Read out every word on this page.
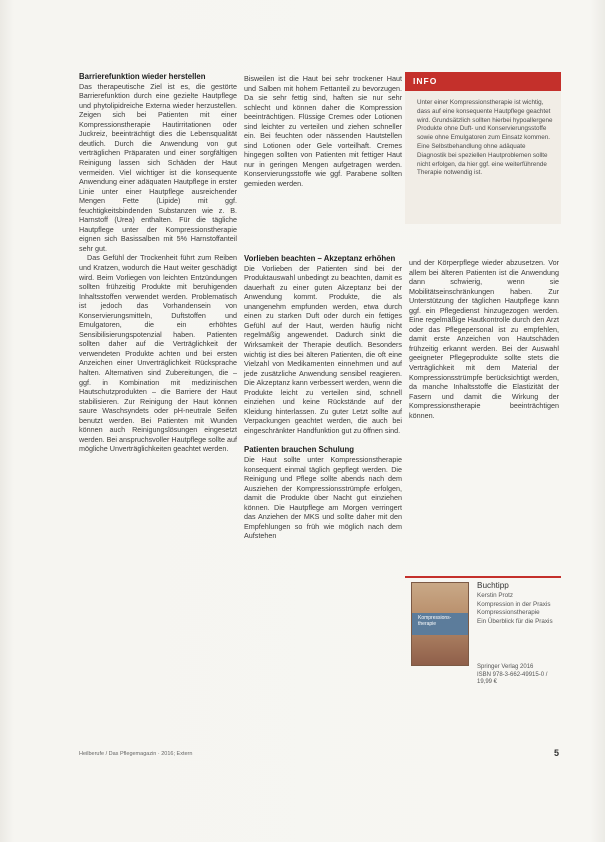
Barrierefunktion wieder herstellen

Das therapeutische Ziel ist es, die gestörte Barrierefunktion durch eine gezielte Hautpflege und phytolipidreiche Externa wieder herzustellen. Zeigen sich bei Patienten mit einer Kompressionstherapie Hautirritationen oder Juckreiz, beeinträchtigt dies die Lebensqualität deutlich. Durch die Anwendung von gut verträglichen Präparaten und einer sorgfältigen Reinigung lassen sich Schäden der Haut vermeiden. Viel wichtiger ist die konsequente Anwendung einer adäquaten Hautpflege in erster Linie unter einer Hautpflege ausreichender Mengen Fette (Lipide) mit ggf. feuchtigkeitsbindenden Substanzen wie z. B. Harnstoff (Urea) enthalten. Für die tägliche Hautpflege unter der Kompressionstherapie eignen sich Basissalben mit 5% Harnstoffanteil sehr gut.

Das Gefühl der Trockenheit führt zum Reiben und Kratzen, wodurch die Haut weiter geschädigt wird. Beim Vorliegen von leichten Entzündungen sollten frühzeitig Produkte mit beruhigenden Inhaltsstoffen verwendet werden. Problematisch ist jedoch das Vorhandensein von Konservierungsmitteln, Duftstoffen und Emulgatoren, die ein erhöhtes Sensibilisierungspotenzial haben. Patienten sollten daher auf die Verträglichkeit der verwendeten Produkte achten und bei ersten Anzeichen einer Unverträglichkeit Rücksprache halten. Alternativen sind Zubereitungen, die – ggf. in Kombination mit medizinischen Hautschutzprodukten – die Barriere der Haut stabilisieren. Zur Reinigung der Haut können saure Waschsyndets oder pH-neutrale Seifen benutzt werden. Bei Patienten mit Wunden können auch Reinigungslösungen eingesetzt werden. Bei anspruchsvoller Hautpflege sollte auf mögliche Unverträglichkeiten geachtet werden.

Bisweilen ist die Haut bei sehr trockener Haut und Salben mit hohem Fettanteil zu bevorzugen. Da sie sehr fettig sind, haften sie nur sehr schlecht und können daher die Kompression beeinträchtigen. Flüssige Cremes oder Lotionen sind leichter zu verteilen und ziehen schneller ein. Bei feuchten oder nässenden Hautstellen sind Lotionen oder Gele vorteilhaft. Cremes hingegen sollten von Patienten mit fettiger Haut nur in geringen Mengen aufgetragen werden. Konservierungsstoffe wie ggf. Parabene sollten gemieden werden.

Vorlieben beachten – Akzeptanz erhöhen

Die Vorlieben der Patienten sind bei der Produktauswahl unbedingt zu beachten, damit es dauerhaft zu einer guten Akzeptanz bei der Anwendung kommt. Produkte, die als unangenehm empfunden werden, etwa durch einen zu starken Duft oder durch ein fettiges Gefühl auf der Haut, werden häufig nicht regelmäßig angewendet. Dadurch sinkt die Wirksamkeit der Therapie deutlich. Besonders wichtig ist dies bei älteren Patienten, die oft eine Vielzahl von Medikamenten einnehmen und auf jede zusätzliche Anwendung sensibel reagieren. Die Akzeptanz kann verbessert werden, wenn die Produkte leicht zu verteilen sind, schnell einziehen und keine Rückstände auf der Kleidung hinterlassen. Zu guter Letzt sollte auf Verpackungen geachtet werden, die auch bei eingeschränkter Handfunktion gut zu öffnen sind.

Patienten brauchen Schulung

Die Haut sollte unter Kompressionstherapie konsequent einmal täglich gepflegt werden. Die Reinigung und Pflege sollte abends nach dem Ausziehen der Kompressionsstrümpfe erfolgen, damit die Produkte über Nacht gut einziehen können. Die Hautpflege am Morgen verringert das Anziehen der MKS und sollte daher mit den Empfehlungen so früh wie möglich nach dem Aufstehen

INFO
Unter einer Kompressionstherapie ist wichtig, dass auf eine konsequente Hautpflege geachtet wird. Grundsätzlich sollten hierbei hypoallergene Produkte ohne Duft- und Konservierungsstoffe sowie ohne Emulgatoren zum Einsatz kommen. Eine Selbstbehandlung ohne adäquate Diagnostik bei speziellen Hautproblemen sollte nicht erfolgen, da hier ggf. eine weiterführende Therapie notwendig ist.

und der Körperpflege wieder abzusetzen. Vor allem bei älteren Patienten ist die Anwendung dann schwierig, wenn sie Mobilitätseinschränkungen haben. Zur Unterstützung der täglichen Hautpflege kann ggf. ein Pflegedienst hinzugezogen werden. Eine regelmäßige Hautkontrolle durch den Arzt oder das Pflegepersonal ist zu empfehlen, damit erste Anzeichen von Hautschäden frühzeitig erkannt werden. Bei der Auswahl geeigneter Pflegeprodukte sollte stets die Verträglichkeit mit dem Material der Kompressionsstrümpfe berücksichtigt werden, da manche Inhaltsstoffe die Elastizität der Fasern und damit die Wirkung der Kompressionstherapie beeinträchtigen können.

Kompressions-therapie
Buchtipp
Kerstin Protz
Kompression in der Praxis
Kompressionstherapie
Ein Überblick für die Praxis
Springer Verlag 2016
ISBN 978-3-662-49915-0 / 19,99 €
Heilberufe / Das Pflegemagazin · 2016; Extern	5
